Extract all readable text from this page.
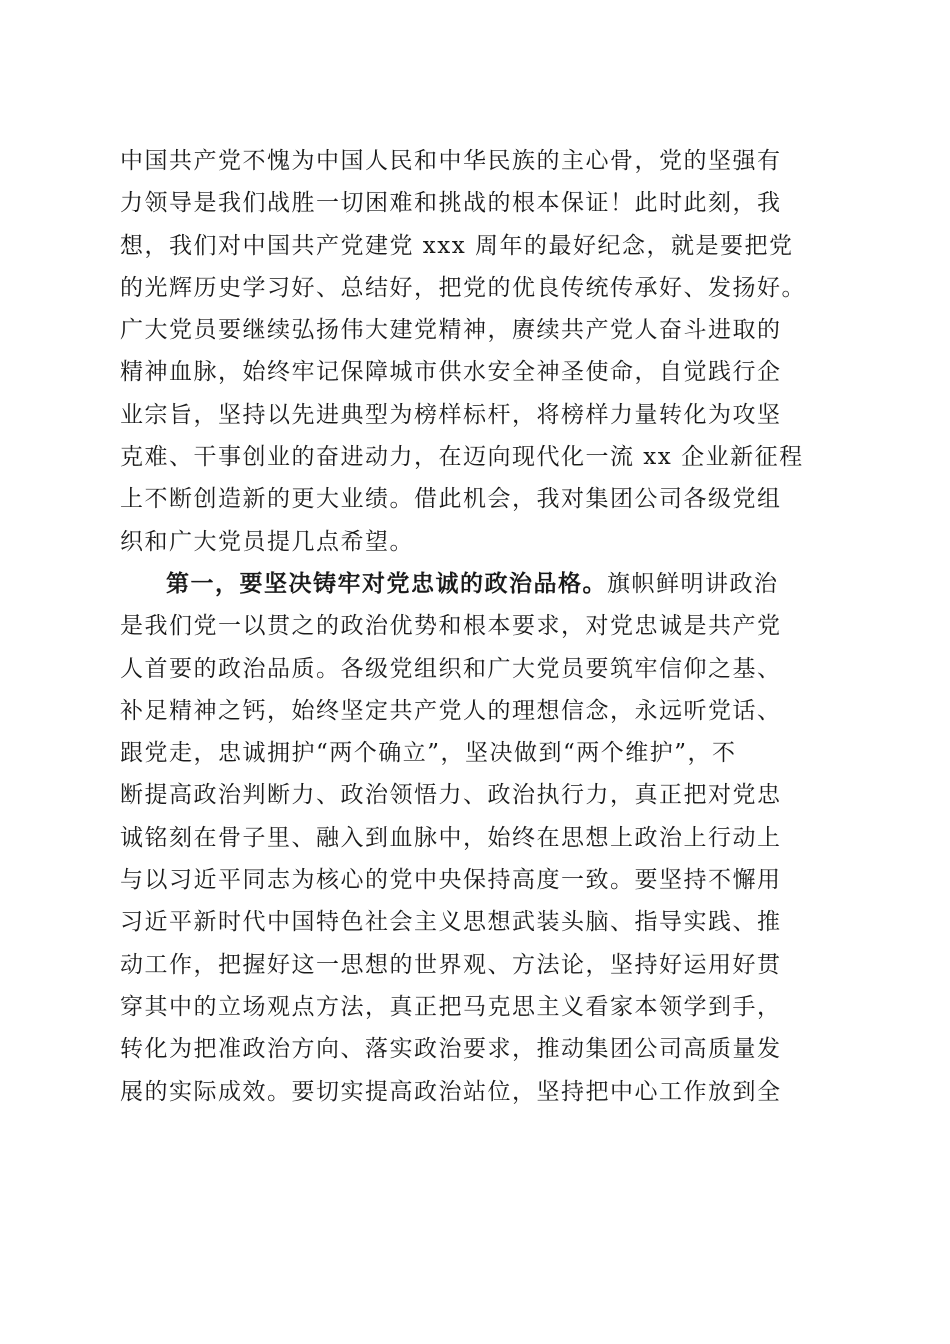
中国共产党不愧为中国人民和中华民族的主心骨，党的坚强有
力领导是我们战胜一切困难和挑战的根本保证！此时此刻，我
想，我们对中国共产党建党 xxx 周年的最好纪念，就是要把党
的光辉历史学习好、总结好，把党的优良传统传承好、发扬好。
广大党员要继续弘扬伟大建党精神，赓续共产党人奋斗进取的
精神血脉，始终牢记保障城市供水安全神圣使命，自觉践行企
业宗旨，坚持以先进典型为榜样标杆，将榜样力量转化为攻坚
克难、干事创业的奋进动力，在迈向现代化一流 xx 企业新征程
上不断创造新的更大业绩。借此机会，我对集团公司各级党组
织和广大党员提几点希望。
第一，要坚决铸牢对党忠诚的政治品格。旗帜鲜明讲政治
是我们党一以贯之的政治优势和根本要求，对党忠诚是共产党
人首要的政治品质。各级党组织和广大党员要筑牢信仰之基、
补足精神之钙，始终坚定共产党人的理想信念，永远听党话、
跟党走，忠诚拥护“两个确立”，坚决做到“两个维护”，不
断提高政治判断力、政治领悟力、政治执行力，真正把对党忠
诚铭刻在骨子里、融入到血脉中，始终在思想上政治上行动上
与以习近平同志为核心的党中央保持高度一致。要坚持不懈用
习近平新时代中国特色社会主义思想武装头脑、指导实践、推
动工作，把握好这一思想的世界观、方法论，坚持好运用好贯
穿其中的立场观点方法，真正把马克思主义看家本领学到手，
转化为把准政治方向、落实政治要求，推动集团公司高质量发
展的实际成效。要切实提高政治站位，坚持把中心工作放到全
